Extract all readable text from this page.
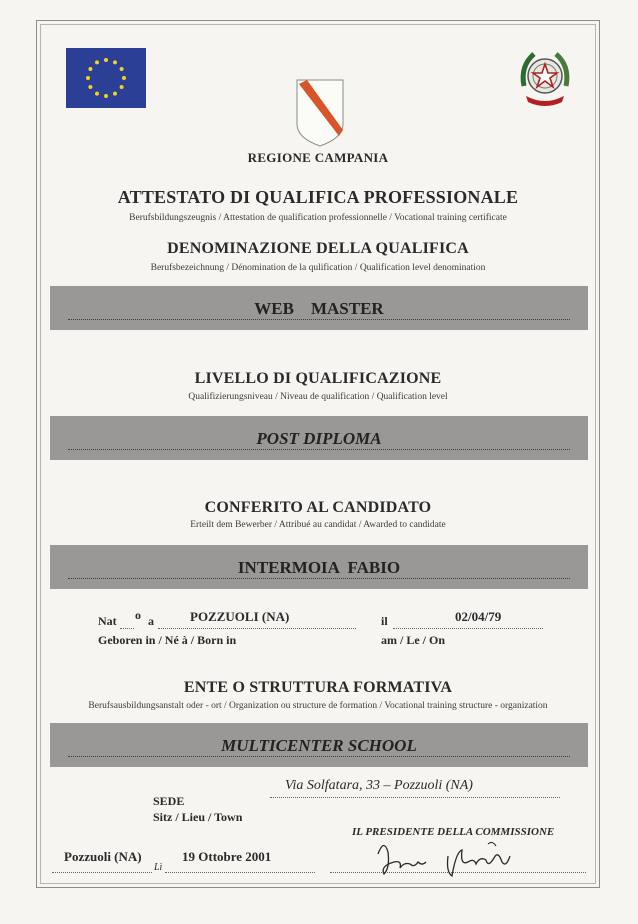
REGIONE CAMPANIA
ATTESTATO DI QUALIFICA PROFESSIONALE
Berufsbildungszeugnis / Attestation de qualification professionnelle / Vocational training certificate
DENOMINAZIONE DELLA QUALIFICA
Berufsbezeichnung / Dénomination de la qulification / Qualification level denomination
WEB    MASTER
LIVELLO DI QUALIFICAZIONE
Qualifizierungsniveau / Niveau de qualification / Qualification level
POST DIPLOMA
CONFERITO AL CANDIDATO
Erteilt dem Bewerber / Attribué au candidat / Awarded to candidate
INTERMOIA  FABIO
Nat o a	POZZUOLI (NA)
Geboren in / Né à / Born in
il	02/04/79
am / Le / On
ENTE O STRUTTURA FORMATIVA
Berufsausbildungsanstalt oder - ort / Organization ou structure de formation / Vocational training structure - organization
MULTICENTER SCHOOL
Via Solfatara, 33 – Pozzuoli (NA)
SEDE
Sitz / Lieu / Town
IL PRESIDENTE DELLA COMMISSIONE
Pozzuoli (NA)
Lì
19 Ottobre 2001
